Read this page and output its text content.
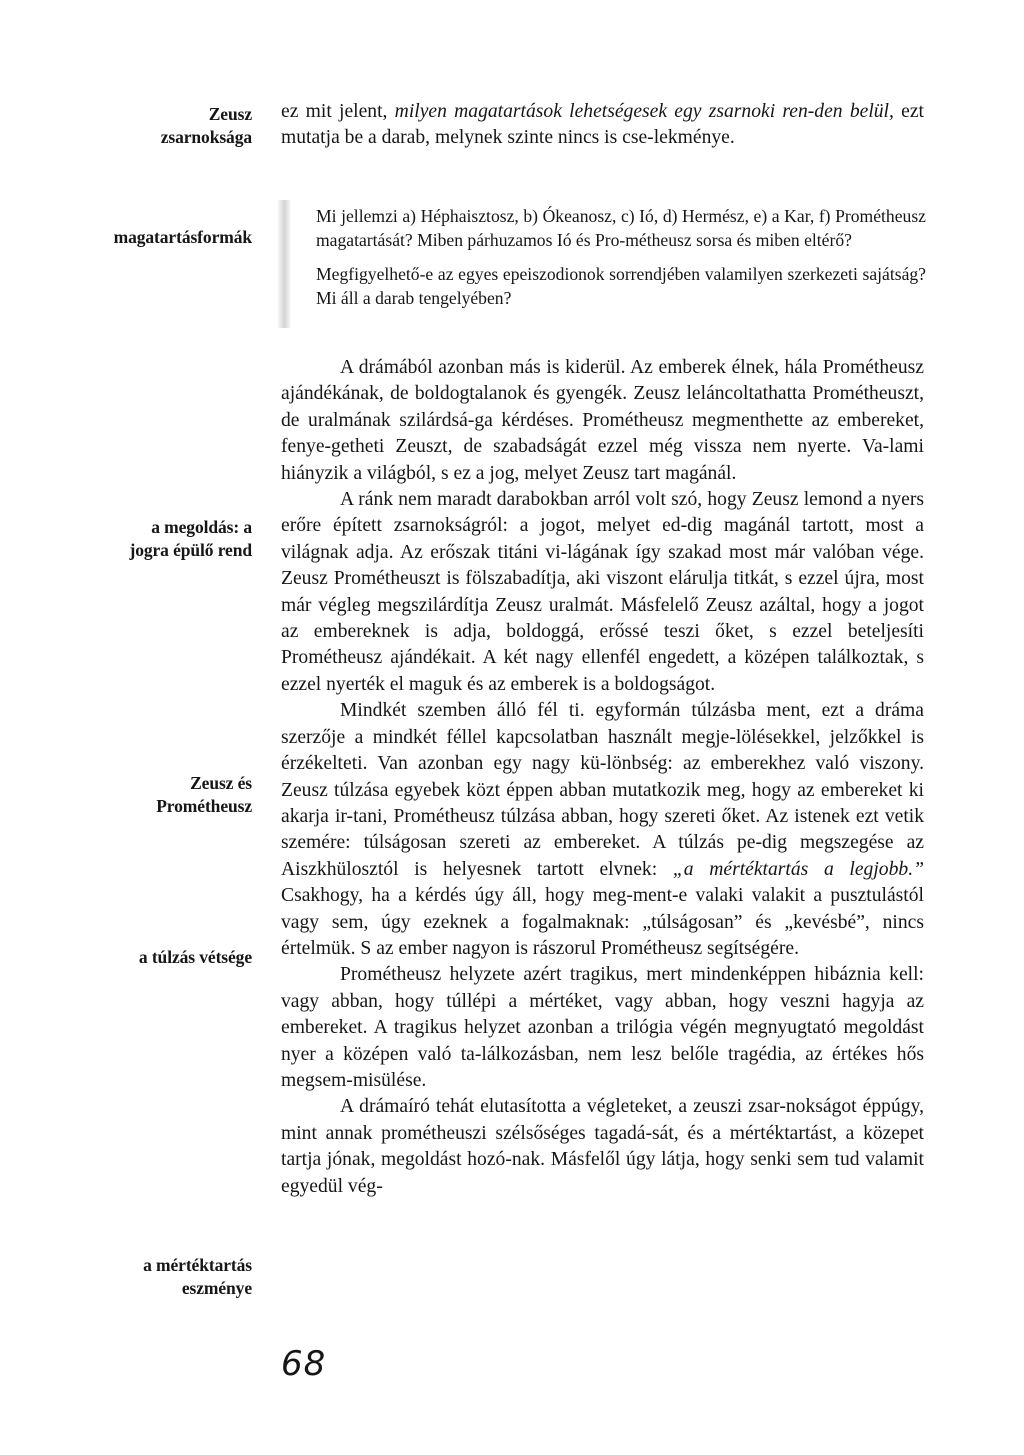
Zeusz
zsarnoksága
magatartásformák
a megoldás: a
jogra épülő rend
Zeusz és
Prométheusz
a túlzás vétsége
a mértéktartás
eszménye

ez mit jelent, milyen magatartások lehetségesek egy zsarnoki ren-den belül, ezt mutatja be a darab, melynek szinte nincs is cse-lekménye.

Mi jellemzi a) Héphaisztosz, b) Ókeanosz, c) Ió, d) Hermész, e) a Kar, f) Prométheusz magatartását? Miben párhuzamos Ió és Pro-métheusz sorsa és miben eltérő?

Megfigyelhető-e az egyes epeiszodionok sorrendjében valamilyen szerkezeti sajátság? Mi áll a darab tengelyében?

A drámából azonban más is kiderül. Az emberek élnek, hála Prométheusz ajándékának, de boldogtalanok és gyengék. Zeusz leláncoltathatta Prométheuszt, de uralmának szilárdsá-ga kérdéses. Prométheusz megmenthette az embereket, fenye-getheti Zeuszt, de szabadságát ezzel még vissza nem nyerte. Va-lami hiányzik a világból, s ez a jog, melyet Zeusz tart magánál.

A ránk nem maradt darabokban arról volt szó, hogy Zeusz lemond a nyers erőre épített zsarnokságról: a jogot, melyet ed-dig magánál tartott, most a világnak adja. Az erőszak titáni vi-lágának így szakad most már valóban vége. Zeusz Prométheuszt is fölszabadítja, aki viszont elárulja titkát, s ezzel újra, most már végleg megszilárdítja Zeusz uralmát. Másfelelő Zeusz azáltal, hogy a jogot az embereknek is adja, boldoggá, erőssé teszi őket, s ezzel beteljesíti Prométheusz ajándékait. A két nagy ellenfél engedett, a középen találkoztak, s ezzel nyerték el maguk és az emberek is a boldogságot.

Mindkét szemben álló fél ti. egyformán túlzásba ment, ezt a dráma szerzője a mindkét féllel kapcsolatban használt megje-lölésekkel, jelzőkkel is érzékelteti. Van azonban egy nagy kü-lönbség: az emberekhez való viszony. Zeusz túlzása egyebek közt éppen abban mutatkozik meg, hogy az embereket ki akarja ir-tani, Prométheusz túlzása abban, hogy szereti őket. Az istenek ezt vetik szemére: túlságosan szereti az embereket. A túlzás pe-dig megszegése az Aiszkhülosztól is helyesnek tartott elvnek: „a mértéktartás a legjobb.” Csakhogy, ha a kérdés úgy áll, hogy meg-ment-e valaki valakit a pusztulástól vagy sem, úgy ezeknek a fogalmaknak: „túlságosan” és „kevésbé”, nincs értelmük. S az ember nagyon is rászorul Prométheusz segítségére.

Prométheusz helyzete azért tragikus, mert mindenképpen hibáznia kell: vagy abban, hogy túllépi a mértéket, vagy abban, hogy veszni hagyja az embereket. A tragikus helyzet azonban a trilógia végén megnyugtató megoldást nyer a középen való ta-lálkozásban, nem lesz belőle tragédia, az értékes hős megsem-misülése.

A drámaíró tehát elutasította a végleteket, a zeuszi zsar-nokságot éppúgy, mint annak prométheuszi szélsőséges tagadá-sát, és a mértéktartást, a közepet tartja jónak, megoldást hozó-nak. Másfelől úgy látja, hogy senki sem tud valamit egyedül vég-

68
